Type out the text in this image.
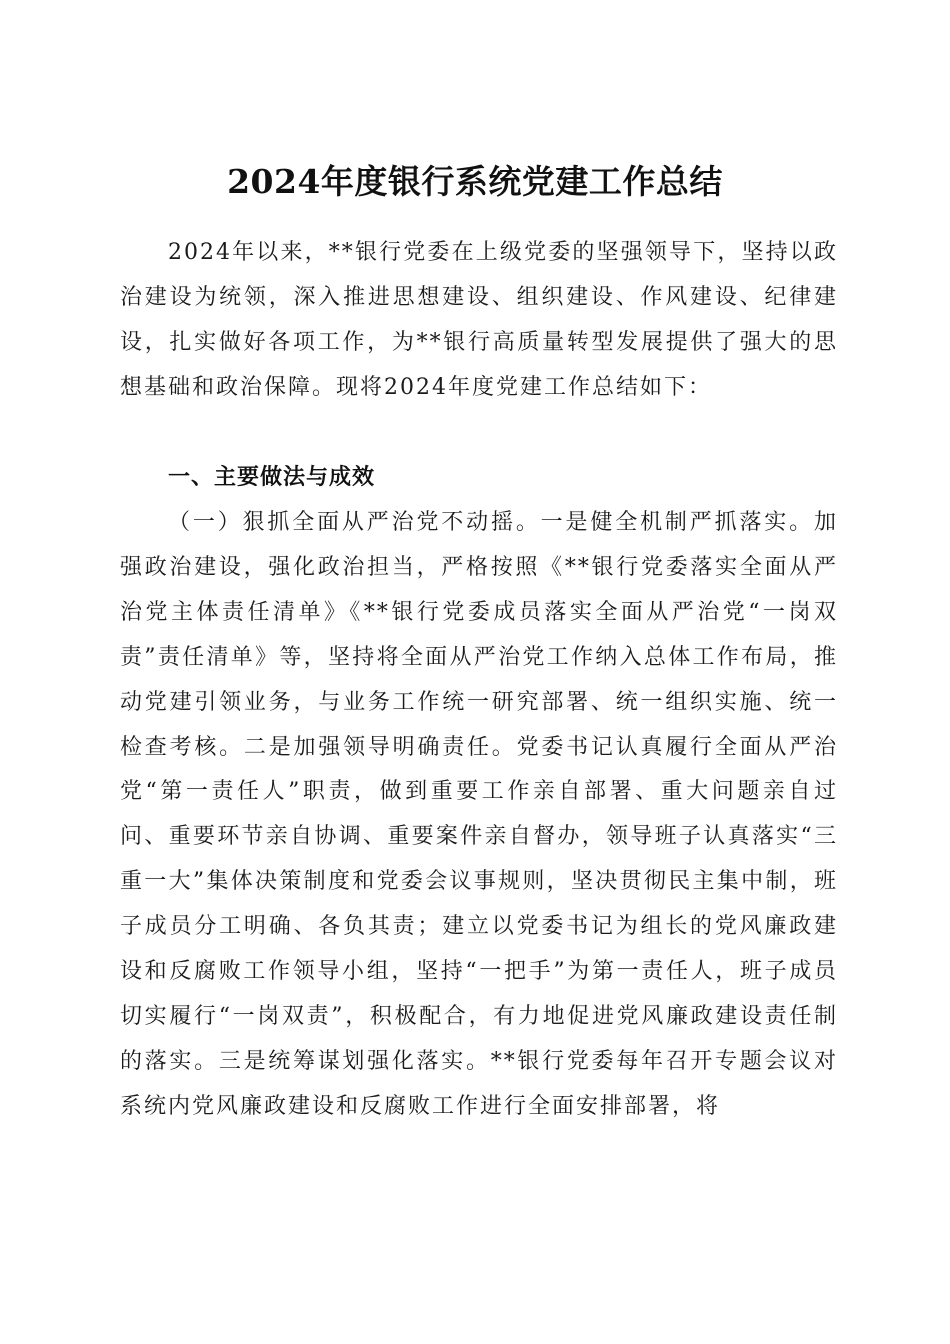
2024年度银行系统党建工作总结

2024年以来，**银行党委在上级党委的坚强领导下，坚持以政治建设为统领，深入推进思想建设、组织建设、作风建设、纪律建设，扎实做好各项工作，为**银行高质量转型发展提供了强大的思想基础和政治保障。现将2024年度党建工作总结如下：

一、主要做法与成效

（一）狠抓全面从严治党不动摇。一是健全机制严抓落实。加强政治建设，强化政治担当，严格按照《**银行党委落实全面从严治党主体责任清单》《**银行党委成员落实全面从严治党“一岗双责”责任清单》等，坚持将全面从严治党工作纳入总体工作布局，推动党建引领业务，与业务工作统一研究部署、统一组织实施、统一检查考核。二是加强领导明确责任。党委书记认真履行全面从严治党“第一责任人”职责，做到重要工作亲自部署、重大问题亲自过问、重要环节亲自协调、重要案件亲自督办，领导班子认真落实“三重一大”集体决策制度和党委会议事规则，坚决贯彻民主集中制，班子成员分工明确、各负其责；建立以党委书记为组长的党风廉政建设和反腐败工作领导小组，坚持“一把手”为第一责任人，班子成员切实履行“一岗双责”，积极配合，有力地促进党风廉政建设责任制的落实。三是统筹谋划强化落实。**银行党委每年召开专题会议对系统内党风廉政建设和反腐败工作进行全面安排部署，将
